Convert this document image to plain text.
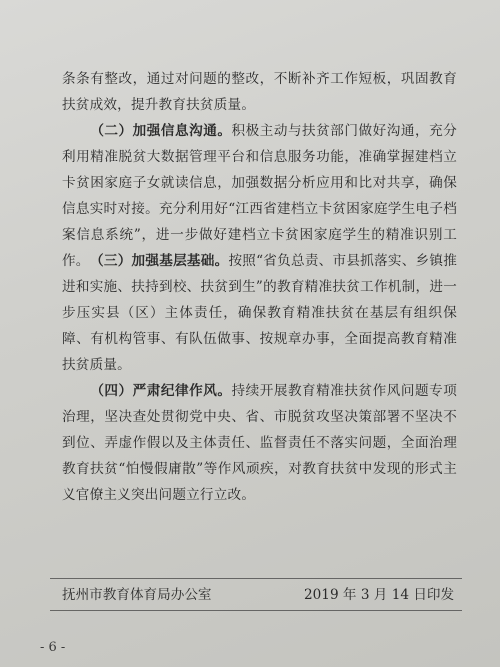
条条有整改，通过对问题的整改，不断补齐工作短板，巩固教育扶贫成效，提升教育扶贫质量。

（二）加强信息沟通。积极主动与扶贫部门做好沟通，充分利用精准脱贫大数据管理平台和信息服务功能，准确掌握建档立卡贫困家庭子女就读信息，加强数据分析应用和比对共享，确保信息实时对接。充分利用好“江西省建档立卡贫困家庭学生电子档案信息系统”，进一步做好建档立卡贫困家庭学生的精准识别工作。 （三）加强基层基础。按照“省负总责、市县抓落实、乡镇推进和实施、扶持到校、扶贫到生”的教育精准扶贫工作机制，进一步压实县（区）主体责任，确保教育精准扶贫在基层有组织保障、有机构管事、有队伍做事、按规章办事，全面提高教育精准扶贫质量。

（四）严肃纪律作风。持续开展教育精准扶贫作风问题专项治理，坚决查处贯彻党中央、省、市脱贫攻坚决策部署不坚决不到位、弄虚作假以及主体责任、监督责任不落实问题，全面治理教育扶贫“怕慢假庸散”等作风顽疾，对教育扶贫中发现的形式主义官僚主义突出问题立行立改。

抚州市教育体育局办公室	2019 年 3 月 14 日印发
- 6 -
